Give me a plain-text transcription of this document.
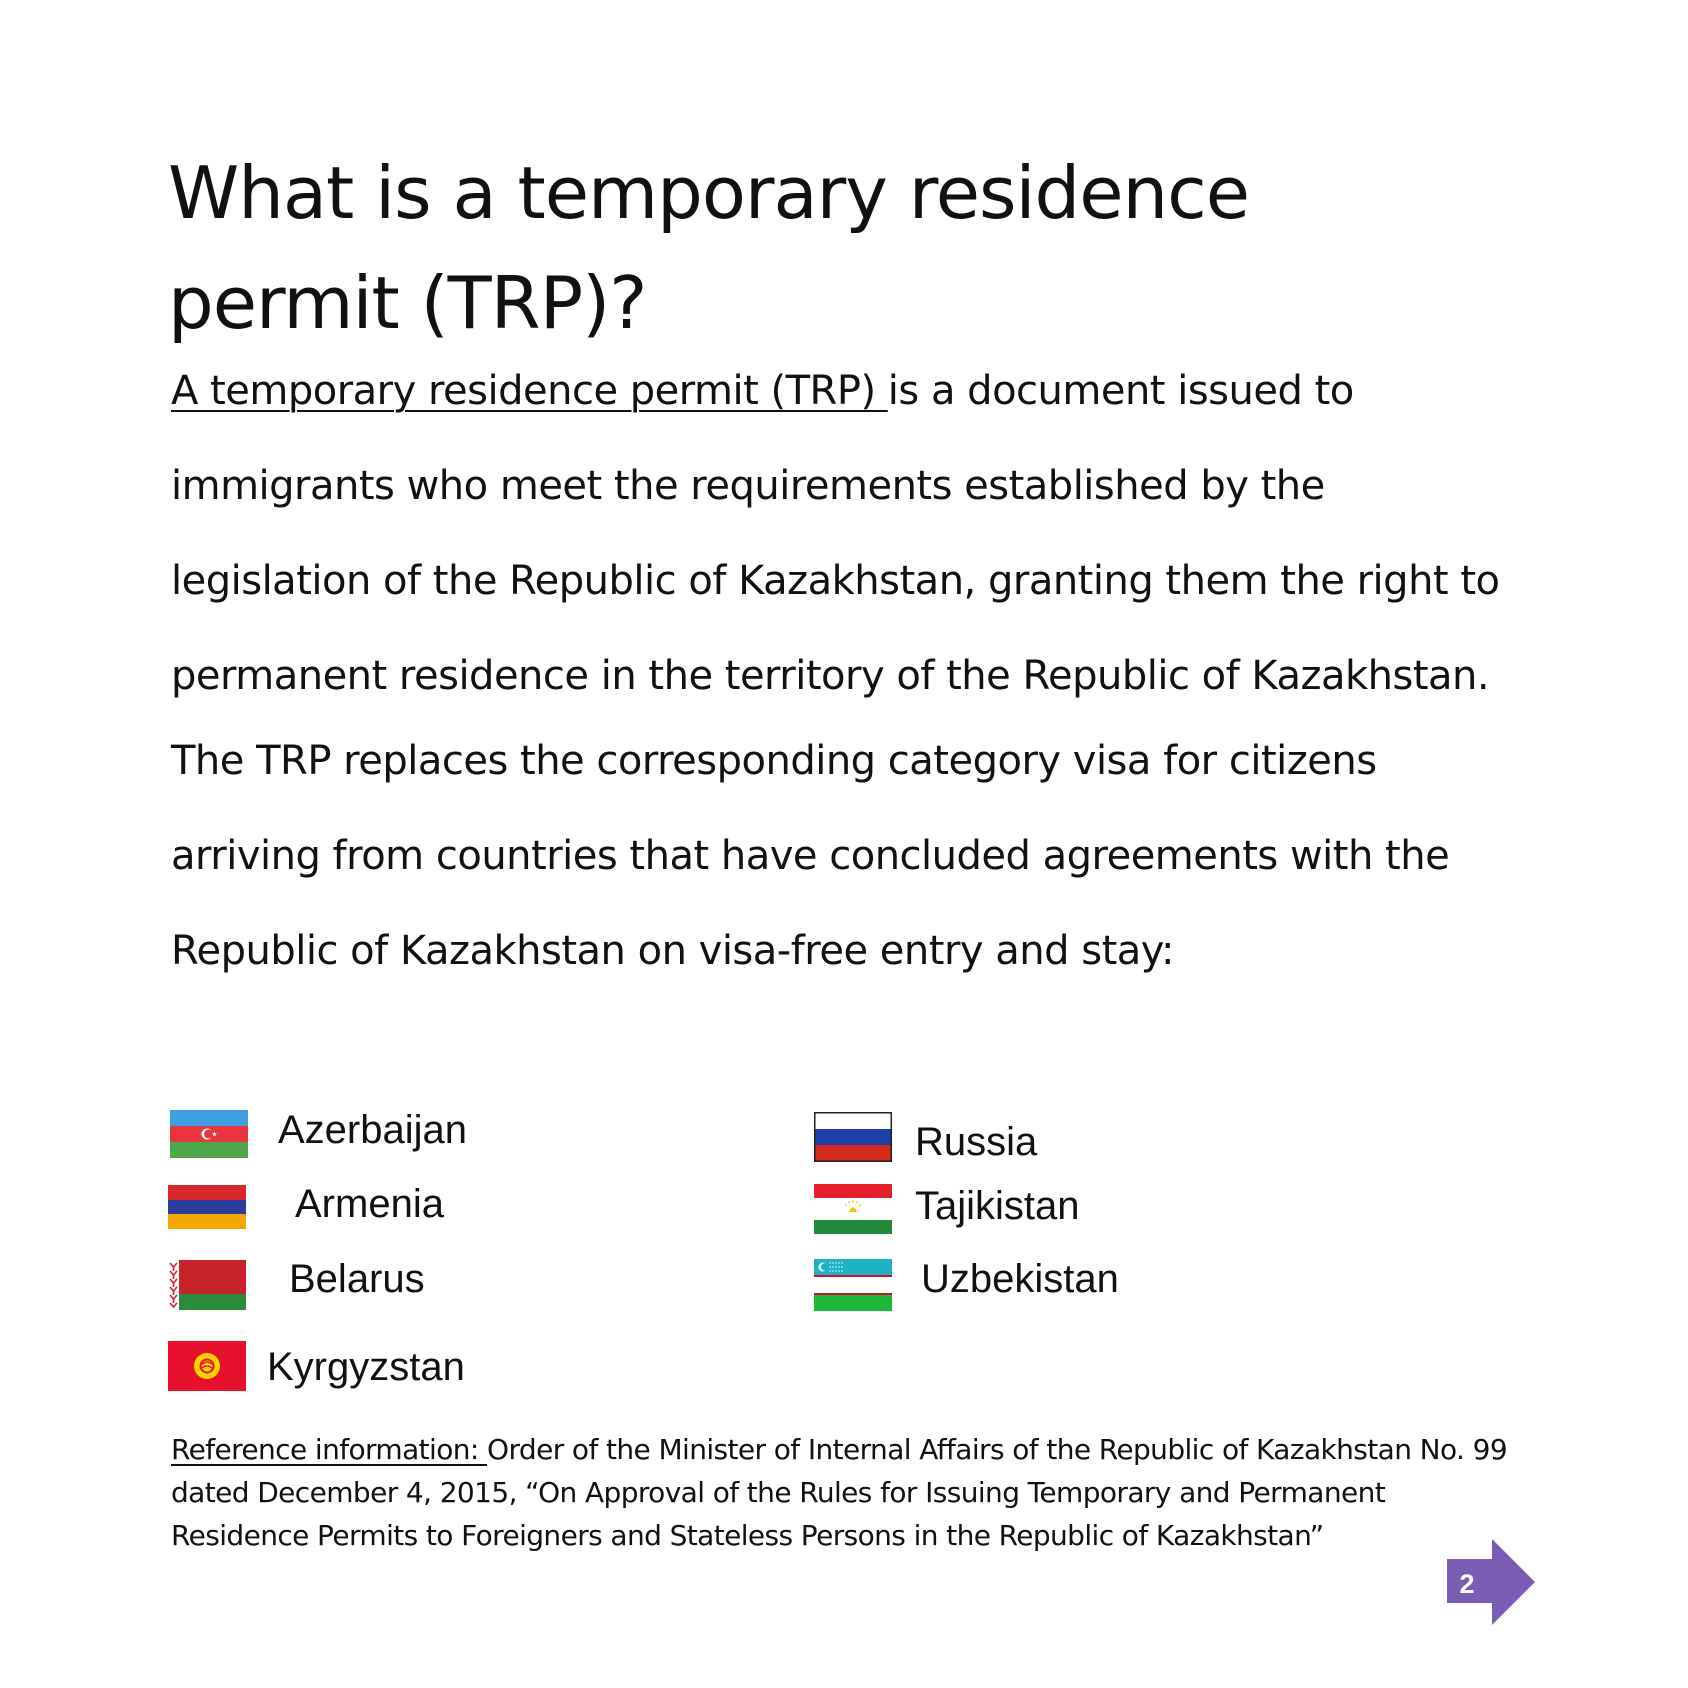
What is a temporary residence permit (TRP)?

A temporary residence permit (TRP) is a document issued to immigrants who meet the requirements established by the legislation of the Republic of Kazakhstan, granting them the right to permanent residence in the territory of the Republic of Kazakhstan.

The TRP replaces the corresponding category visa for citizens arriving from countries that have concluded agreements with the Republic of Kazakhstan on visa-free entry and stay:

Azerbaijan
Armenia
Belarus
Kyrgyzstan
Russia
Tajikistan
Uzbekistan

Reference information: Order of the Minister of Internal Affairs of the Republic of Kazakhstan No. 99 dated December 4, 2015, “On Approval of the Rules for Issuing Temporary and Permanent Residence Permits to Foreigners and Stateless Persons in the Republic of Kazakhstan”

2
